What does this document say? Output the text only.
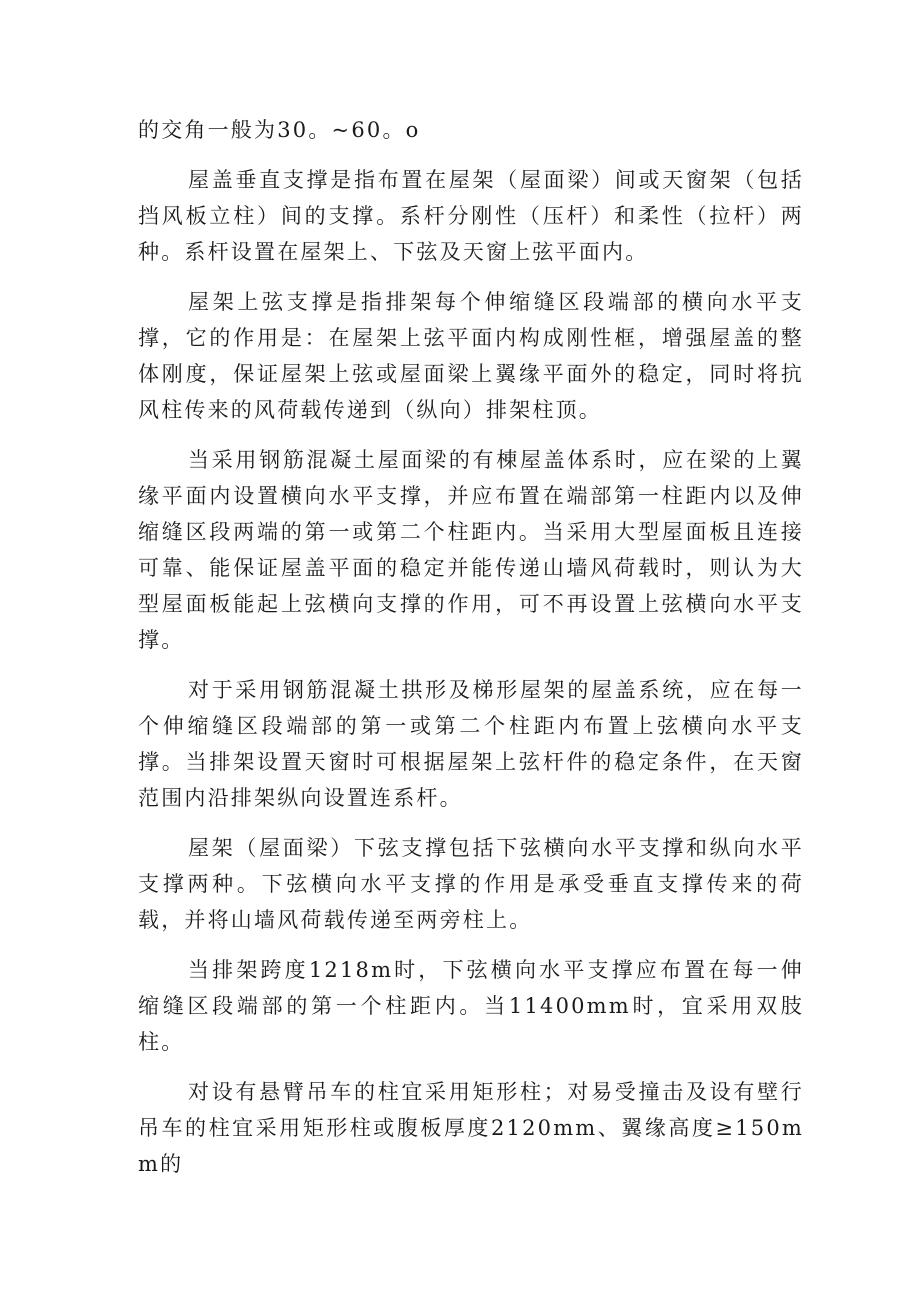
的交角一般为30。~60。o

屋盖垂直支撑是指布置在屋架（屋面梁）间或天窗架（包括挡风板立柱）间的支撑。系杆分刚性（压杆）和柔性（拉杆）两种。系杆设置在屋架上、下弦及天窗上弦平面内。

屋架上弦支撑是指排架每个伸缩缝区段端部的横向水平支撑，它的作用是：在屋架上弦平面内构成刚性框，增强屋盖的整体刚度，保证屋架上弦或屋面梁上翼缘平面外的稳定，同时将抗风柱传来的风荷载传递到（纵向）排架柱顶。

当采用钢筋混凝土屋面梁的有棟屋盖体系时，应在梁的上翼缘平面内设置横向水平支撑，并应布置在端部第一柱距内以及伸缩缝区段两端的第一或第二个柱距内。当采用大型屋面板且连接可靠、能保证屋盖平面的稳定并能传递山墙风荷载时，则认为大型屋面板能起上弦横向支撑的作用，可不再设置上弦横向水平支撑。

对于采用钢筋混凝土拱形及梯形屋架的屋盖系统，应在每一个伸缩缝区段端部的第一或第二个柱距内布置上弦横向水平支撑。当排架设置天窗时可根据屋架上弦杆件的稳定条件，在天窗范围内沿排架纵向设置连系杆。

屋架（屋面梁）下弦支撑包括下弦横向水平支撑和纵向水平支撑两种。下弦横向水平支撑的作用是承受垂直支撑传来的荷载，并将山墙风荷载传递至两旁柱上。

当排架跨度1218m时，下弦横向水平支撑应布置在每一伸缩缝区段端部的第一个柱距内。当11400mm时，宜采用双肢柱。

对设有悬臂吊车的柱宜采用矩形柱；对易受撞击及设有壁行吊车的柱宜采用矩形柱或腹板厚度2120mm、翼缘高度≥150mm的
